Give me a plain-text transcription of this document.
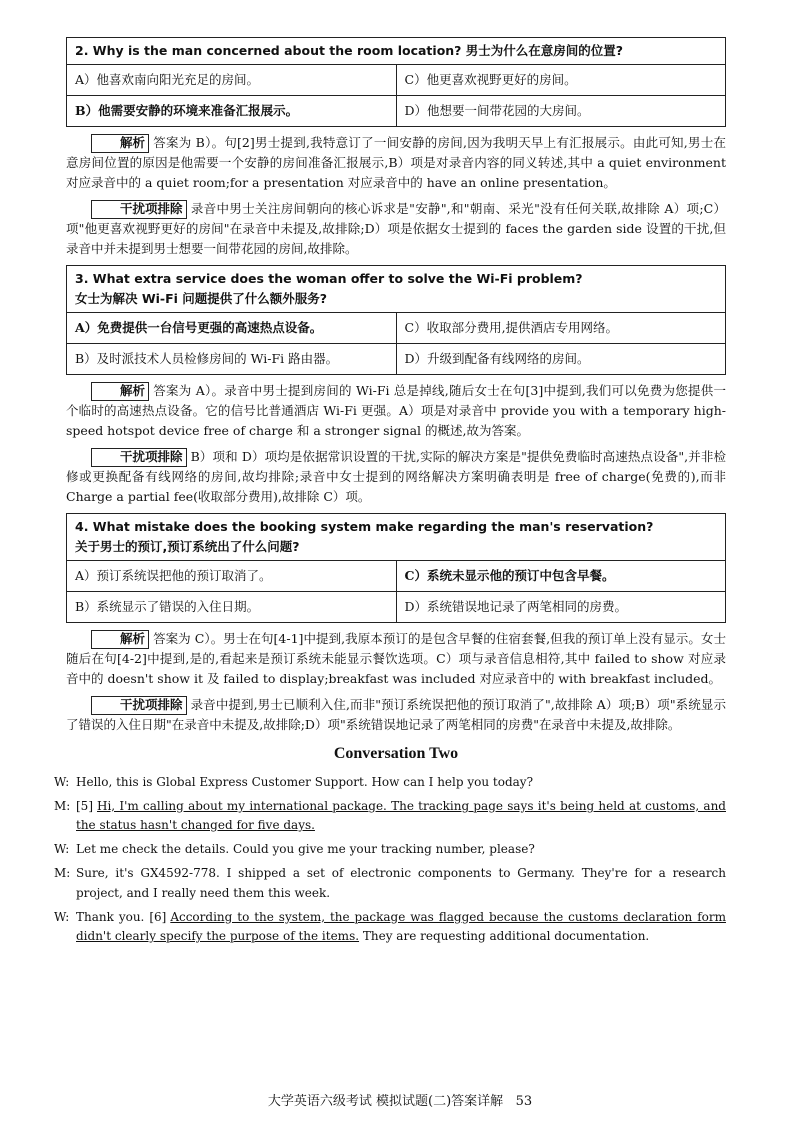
2. Why is the man concerned about the room location? 男士为什么在意房间的位置?	
A）他喜欢南向阳光充足的房间。	C）他更喜欢视野更好的房间。
B）他需要安静的环境来准备汇报展示。	D）他想要一间带花园的大房间。

解析 答案为 B）。句[2]男士提到,我特意订了一间安静的房间,因为我明天早上有汇报展示。由此可知,男士在意房间位置的原因是他需要一个安静的房间准备汇报展示,B）项是对录音内容的同义转述,其中 a quiet environment 对应录音中的 a quiet room;for a presentation 对应录音中的 have an online presentation。

干扰项排除 录音中男士关注房间朝向的核心诉求是"安静",和"朝南、采光"没有任何关联,故排除 A）项;C）项"他更喜欢视野更好的房间"在录音中未提及,故排除;D）项是依据女士提到的 faces the garden side 设置的干扰,但录音中并未提到男士想要一间带花园的房间,故排除。

3. What extra service does the woman offer to solve the Wi-Fi problem?
女士为解决 Wi-Fi 问题提供了什么额外服务?	

A）免费提供一台信号更强的高速热点设备。	C）收取部分费用,提供酒店专用网络。
B）及时派技术人员检修房间的 Wi-Fi 路由器。	D）升级到配备有线网络的房间。

解析 答案为 A）。录音中男士提到房间的 Wi-Fi 总是掉线,随后女士在句[3]中提到,我们可以免费为您提供一个临时的高速热点设备。它的信号比普通酒店 Wi-Fi 更强。A）项是对录音中 provide you with a temporary high-speed hotspot device free of charge 和 a stronger signal 的概述,故为答案。

干扰项排除 B）项和 D）项均是依据常识设置的干扰,实际的解决方案是"提供免费临时高速热点设备",并非检修或更换配备有线网络的房间,故均排除;录音中女士提到的网络解决方案明确表明是 free of charge(免费的),而非 Charge a partial fee(收取部分费用),故排除 C）项。

4. What mistake does the booking system make regarding the man's reservation?
关于男士的预订,预订系统出了什么问题?	

A）预订系统误把他的预订取消了。	C）系统未显示他的预订中包含早餐。
B）系统显示了错误的入住日期。	D）系统错误地记录了两笔相同的房费。

解析 答案为 C）。男士在句[4-1]中提到,我原本预订的是包含早餐的住宿套餐,但我的预订单上没有显示。女士随后在句[4-2]中提到,是的,看起来是预订系统未能显示餐饮选项。C）项与录音信息相符,其中 failed to show 对应录音中的 doesn't show it 及 failed to display;breakfast was included 对应录音中的 with breakfast included。

干扰项排除 录音中提到,男士已顺利入住,而非"预订系统误把他的预订取消了",故排除 A）项;B）项"系统显示了错误的入住日期"在录音中未提及,故排除;D）项"系统错误地记录了两笔相同的房费"在录音中未提及,故排除。

Conversation Two
W: Hello, this is Global Express Customer Support. How can I help you today?
M: [5] Hi, I'm calling about my international package. The tracking page says it's being held at customs, and the status hasn't changed for five days.
W: Let me check the details. Could you give me your tracking number, please?
M: Sure, it's GX4592-778. I shipped a set of electronic components to Germany. They're for a research project, and I really need them this week.
W: Thank you. [6] According to the system, the package was flagged because the customs declaration form didn't clearly specify the purpose of the items. They are requesting additional documentation.
大学英语六级考试 模拟试题(二)答案详解 53
